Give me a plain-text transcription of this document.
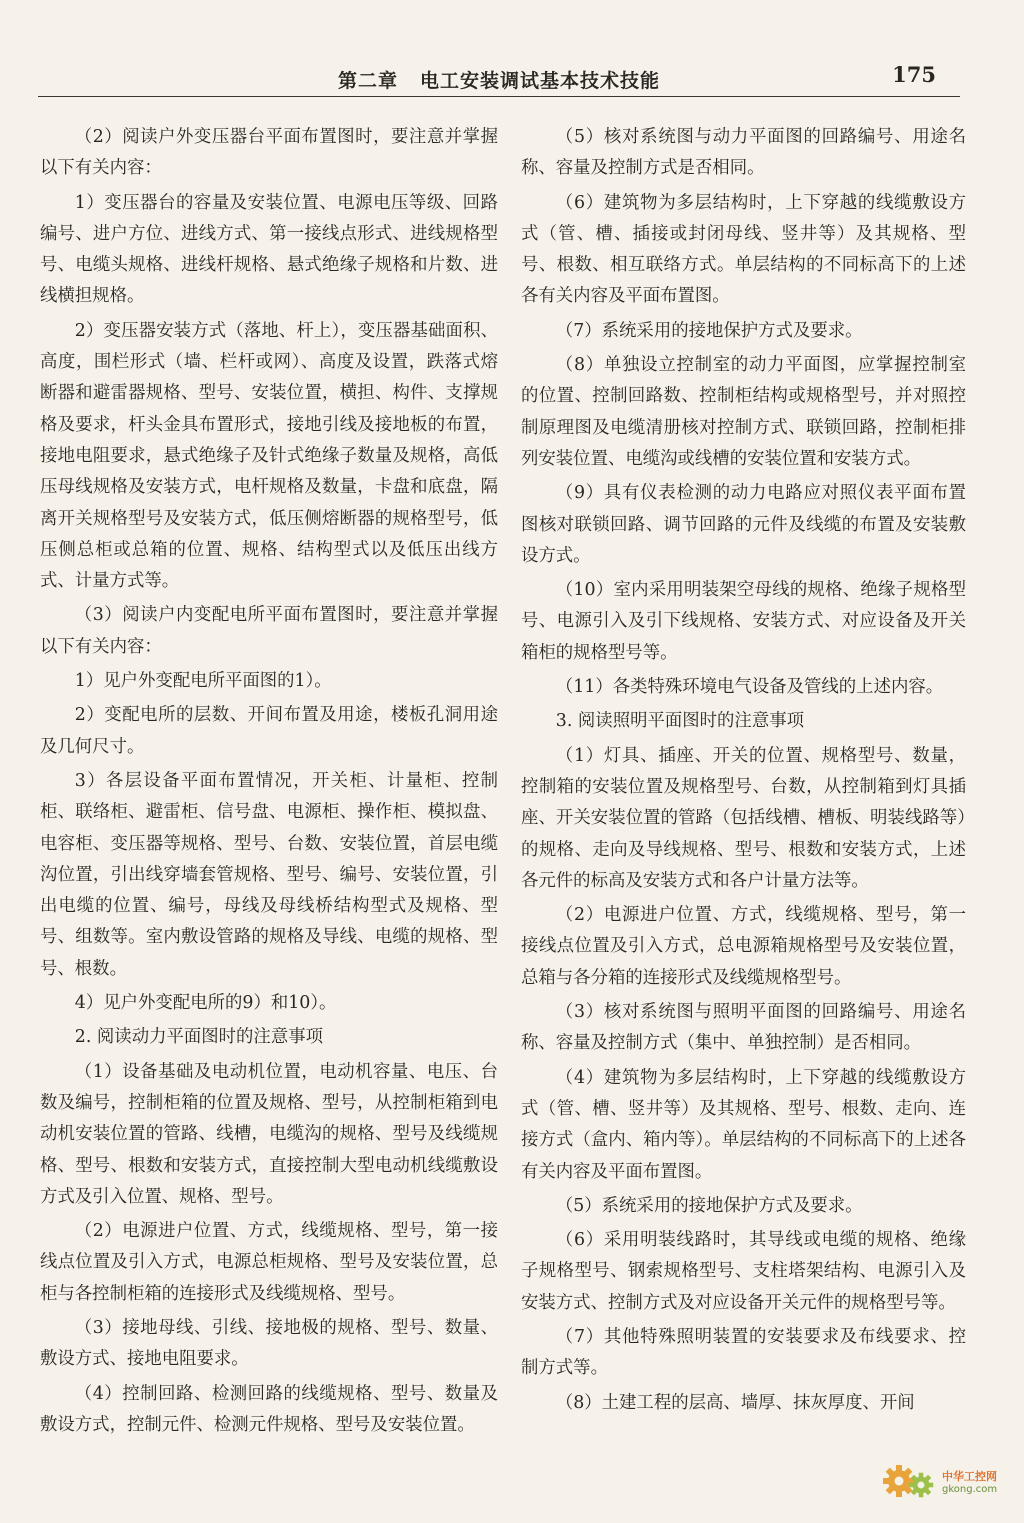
第二章 电工安装调试基本技术技能	175

（2）阅读户外变压器台平面布置图时，要注意并掌握以下有关内容：

1）变压器台的容量及安装位置、电源电压等级、回路编号、进户方位、进线方式、第一接线点形式、进线规格型号、电缆头规格、进线杆规格、悬式绝缘子规格和片数、进线横担规格。

2）变压器安装方式（落地、杆上），变压器基础面积、高度，围栏形式（墙、栏杆或网）、高度及设置，跌落式熔断器和避雷器规格、型号、安装位置，横担、构件、支撑规格及要求，杆头金具布置形式，接地引线及接地板的布置，接地电阻要求，悬式绝缘子及针式绝缘子数量及规格，高低压母线规格及安装方式，电杆规格及数量，卡盘和底盘，隔离开关规格型号及安装方式，低压侧熔断器的规格型号，低压侧总柜或总箱的位置、规格、结构型式以及低压出线方式、计量方式等。

（3）阅读户内变配电所平面布置图时，要注意并掌握以下有关内容：

1）见户外变配电所平面图的1）。

2）变配电所的层数、开间布置及用途，楼板孔洞用途及几何尺寸。

3）各层设备平面布置情况，开关柜、计量柜、控制柜、联络柜、避雷柜、信号盘、电源柜、操作柜、模拟盘、电容柜、变压器等规格、型号、台数、安装位置，首层电缆沟位置，引出线穿墙套管规格、型号、编号、安装位置，引出电缆的位置、编号，母线及母线桥结构型式及规格、型号、组数等。室内敷设管路的规格及导线、电缆的规格、型号、根数。

4）见户外变配电所的9）和10）。

2. 阅读动力平面图时的注意事项

（1）设备基础及电动机位置，电动机容量、电压、台数及编号，控制柜箱的位置及规格、型号，从控制柜箱到电动机安装位置的管路、线槽，电缆沟的规格、型号及线缆规格、型号、根数和安装方式，直接控制大型电动机线缆敷设方式及引入位置、规格、型号。

（2）电源进户位置、方式，线缆规格、型号，第一接线点位置及引入方式，电源总柜规格、型号及安装位置，总柜与各控制柜箱的连接形式及线缆规格、型号。

（3）接地母线、引线、接地极的规格、型号、数量、敷设方式、接地电阻要求。

（4）控制回路、检测回路的线缆规格、型号、数量及敷设方式，控制元件、检测元件规格、型号及安装位置。

（5）核对系统图与动力平面图的回路编号、用途名称、容量及控制方式是否相同。

（6）建筑物为多层结构时，上下穿越的线缆敷设方式（管、槽、插接或封闭母线、竖井等）及其规格、型号、根数、相互联络方式。单层结构的不同标高下的上述各有关内容及平面布置图。

（7）系统采用的接地保护方式及要求。

（8）单独设立控制室的动力平面图，应掌握控制室的位置、控制回路数、控制柜结构或规格型号，并对照控制原理图及电缆清册核对控制方式、联锁回路，控制柜排列安装位置、电缆沟或线槽的安装位置和安装方式。

（9）具有仪表检测的动力电路应对照仪表平面布置图核对联锁回路、调节回路的元件及线缆的布置及安装敷设方式。

（10）室内采用明装架空母线的规格、绝缘子规格型号、电源引入及引下线规格、安装方式、对应设备及开关箱柜的规格型号等。

（11）各类特殊环境电气设备及管线的上述内容。

3. 阅读照明平面图时的注意事项

（1）灯具、插座、开关的位置、规格型号、数量，控制箱的安装位置及规格型号、台数，从控制箱到灯具插座、开关安装位置的管路（包括线槽、槽板、明装线路等）的规格、走向及导线规格、型号、根数和安装方式，上述各元件的标高及安装方式和各户计量方法等。

（2）电源进户位置、方式，线缆规格、型号，第一接线点位置及引入方式，总电源箱规格型号及安装位置，总箱与各分箱的连接形式及线缆规格型号。

（3）核对系统图与照明平面图的回路编号、用途名称、容量及控制方式（集中、单独控制）是否相同。

（4）建筑物为多层结构时，上下穿越的线缆敷设方式（管、槽、竖井等）及其规格、型号、根数、走向、连接方式（盒内、箱内等）。单层结构的不同标高下的上述各有关内容及平面布置图。

（5）系统采用的接地保护方式及要求。

（6）采用明装线路时，其导线或电缆的规格、绝缘子规格型号、钢索规格型号、支柱塔架结构、电源引入及安装方式、控制方式及对应设备开关元件的规格型号等。

（7）其他特殊照明装置的安装要求及布线要求、控制方式等。

（8）土建工程的层高、墙厚、抹灰厚度、开间

中华工控网
gkong.com
